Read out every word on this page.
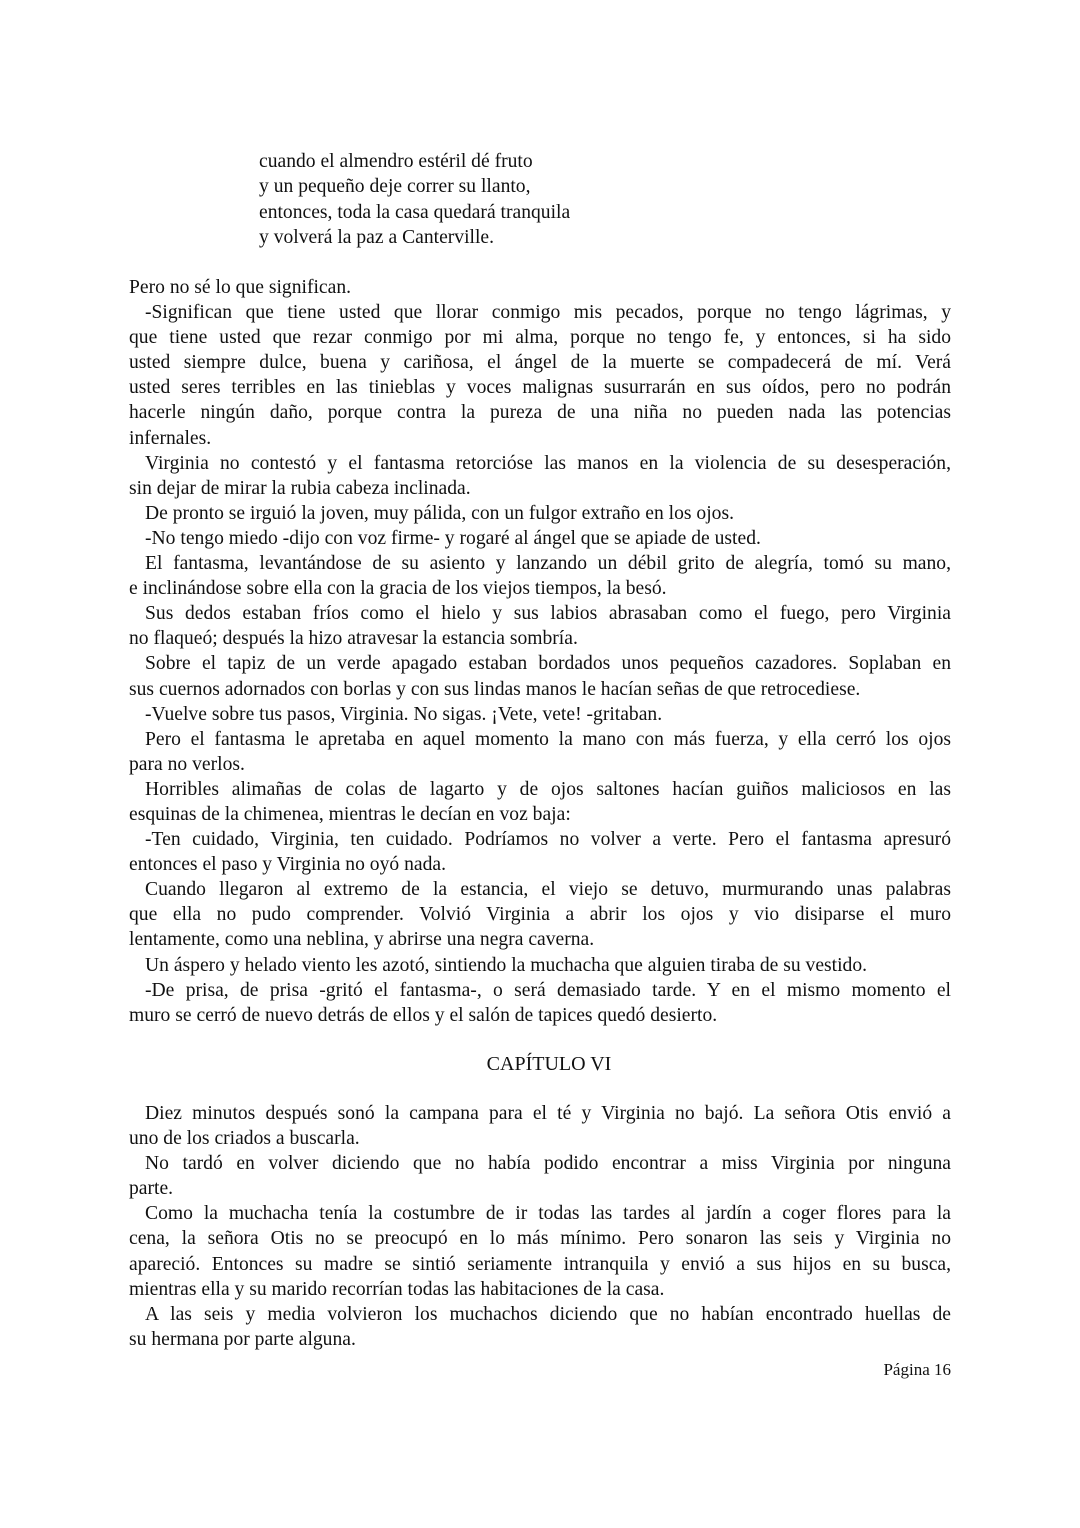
cuando el almendro estéril dé fruto
y un pequeño deje correr su llanto,
entonces, toda la casa quedará tranquila
y volverá la paz a Canterville.
Pero no sé lo que significan.
-Significan que tiene usted que llorar conmigo mis pecados, porque no tengo lágrimas, y
que tiene usted que rezar conmigo por mi alma, porque no tengo fe, y entonces, si ha sido
usted siempre dulce, buena y cariñosa, el ángel de la muerte se compadecerá de mí. Verá
usted seres terribles en las tinieblas y voces malignas susurrarán en sus oídos, pero no podrán
hacerle ningún daño, porque contra la pureza de una niña no pueden nada las potencias
infernales.
Virginia no contestó y el fantasma retorcióse las manos en la violencia de su desesperación,
sin dejar de mirar la rubia cabeza inclinada.
De pronto se irguió la joven, muy pálida, con un fulgor extraño en los ojos.
-No tengo miedo -dijo con voz firme- y rogaré al ángel que se apiade de usted.
El fantasma, levantándose de su asiento y lanzando un débil grito de alegría, tomó su mano,
e inclinándose sobre ella con la gracia de los viejos tiempos, la besó.
Sus dedos estaban fríos como el hielo y sus labios abrasaban como el fuego, pero Virginia
no flaqueó; después la hizo atravesar la estancia sombría.
Sobre el tapiz de un verde apagado estaban bordados unos pequeños cazadores. Soplaban en
sus cuernos adornados con borlas y con sus lindas manos le hacían señas de que retrocediese.
-Vuelve sobre tus pasos, Virginia. No sigas. ¡Vete, vete! -gritaban.
Pero el fantasma le apretaba en aquel momento la mano con más fuerza, y ella cerró los ojos
para no verlos.
Horribles alimañas de colas de lagarto y de ojos saltones hacían guiños maliciosos en las
esquinas de la chimenea, mientras le decían en voz baja:
-Ten cuidado, Virginia, ten cuidado. Podríamos no volver a verte. Pero el fantasma apresuró
entonces el paso y Virginia no oyó nada.
Cuando llegaron al extremo de la estancia, el viejo se detuvo, murmurando unas palabras
que ella no pudo comprender. Volvió Virginia a abrir los ojos y vio disiparse el muro
lentamente, como una neblina, y abrirse una negra caverna.
Un áspero y helado viento les azotó, sintiendo la muchacha que alguien tiraba de su vestido.
-De prisa, de prisa -gritó el fantasma-, o será demasiado tarde. Y en el mismo momento el
muro se cerró de nuevo detrás de ellos y el salón de tapices quedó desierto.
CAPÍTULO VI
Diez minutos después sonó la campana para el té y Virginia no bajó. La señora Otis envió a
uno de los criados a buscarla.
No tardó en volver diciendo que no había podido encontrar a miss Virginia por ninguna
parte.
Como la muchacha tenía la costumbre de ir todas las tardes al jardín a coger flores para la
cena, la señora Otis no se preocupó en lo más mínimo. Pero sonaron las seis y Virginia no
apareció. Entonces su madre se sintió seriamente intranquila y envió a sus hijos en su busca,
mientras ella y su marido recorrían todas las habitaciones de la casa.
A las seis y media volvieron los muchachos diciendo que no habían encontrado huellas de
su hermana por parte alguna.
Página 16
